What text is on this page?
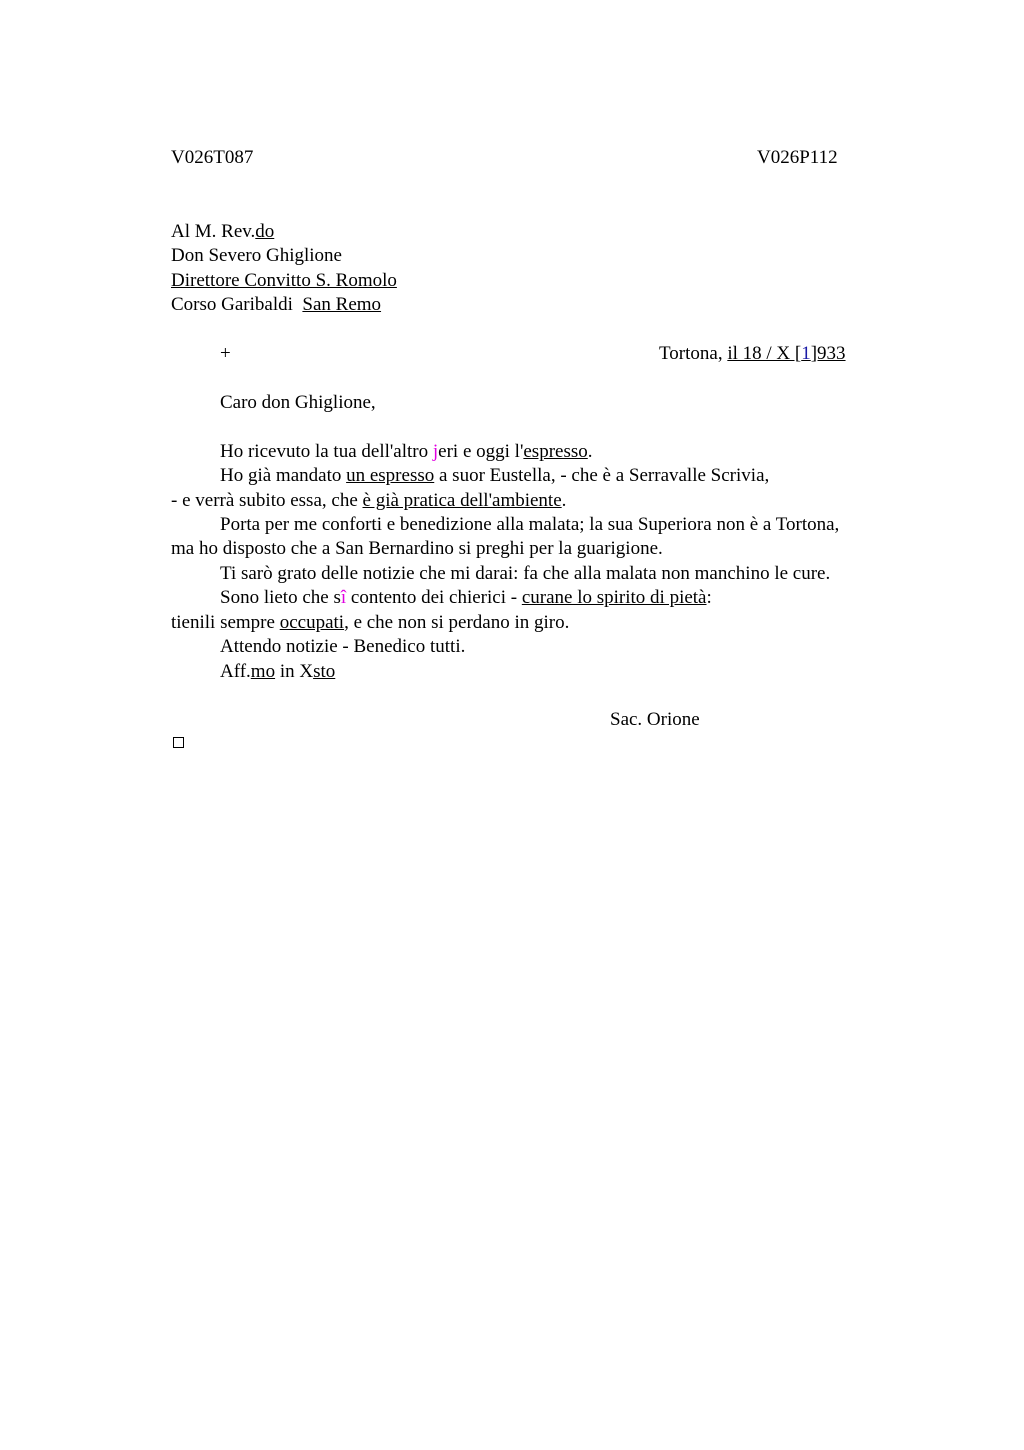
V026T087	V026P112
Al M. Rev.do
Don Severo Ghiglione
Direttore Convitto S. Romolo
Corso Garibaldi San Remo
+	Tortona, il 18 / X [1]933
Caro don Ghiglione,
Ho ricevuto la tua dell'altro jeri e oggi l'espresso.
Ho già mandato un espresso a suor Eustella, - che è a Serravalle Scrivia,
- e verrà subito essa, che è già pratica dell'ambiente.
Porta per me conforti e benedizione alla malata; la sua Superiora non è a Tortona,
ma ho disposto che a San Bernardino si preghi per la guarigione.
Ti sarò grato delle notizie che mi darai: fa che alla malata non manchino le cure.
Sono lieto che sî contento dei chierici - curane lo spirito di pietà:
tienili sempre occupati, e che non si perdano in giro.
Attendo notizie - Benedico tutti.
Aff.mo in Xsto
Sac. Orione
